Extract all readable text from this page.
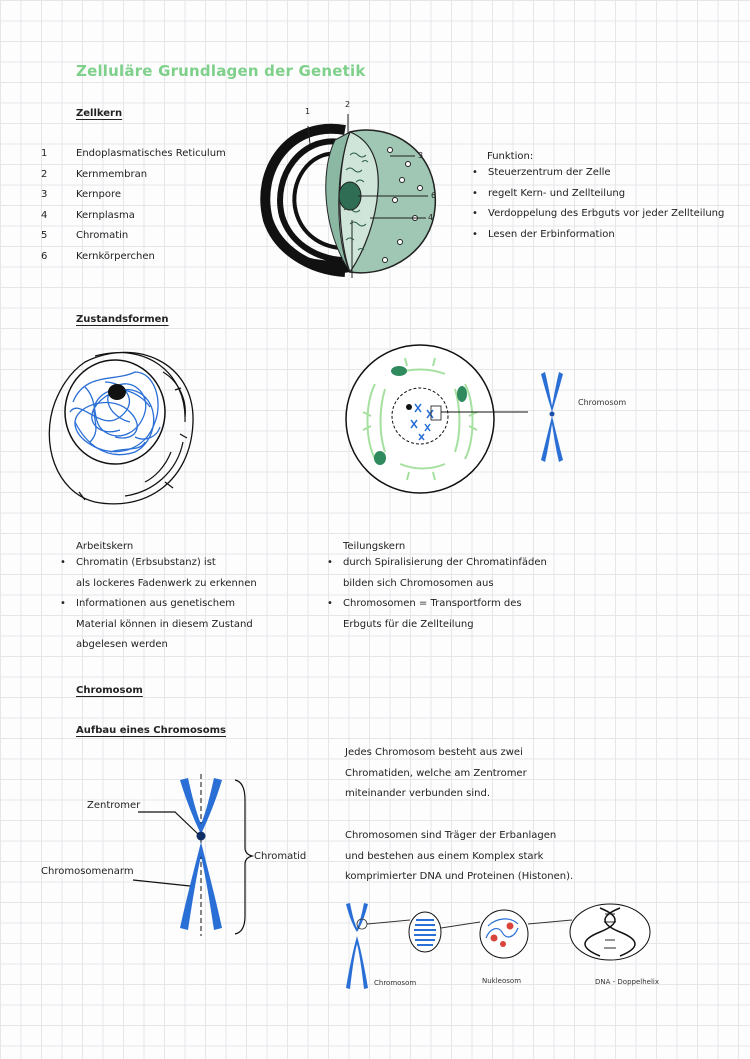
Zelluläre Grundlagen der Genetik
Zellkern
1	Endoplasmatisches Reticulum
2	Kernmembran
3	Kernpore
4	Kernplasma
5	Chromatin
6	Kernkörperchen
1
2
3
6
4
Funktion:
• Steuerzentrum der Zelle
• regelt Kern- und Zellteilung
• Verdoppelung des Erbguts vor jeder Zellteilung
• Lesen der Erbinformation
Zustandsformen
Chromosom
Arbeitskern
• Chromatin (Erbsubstanz) ist
als lockeres Fadenwerk zu erkennen
• Informationen aus genetischem
Material können in diesem Zustand
abgelesen werden
Teilungskern
• durch Spiralisierung der Chromatinfäden
bilden sich Chromosomen aus
• Chromosomen = Transportform des
Erbguts für die Zellteilung
Chromosom
Aufbau eines Chromosoms
Zentromer
Chromosomenarm
Chromatid
Jedes Chromosom besteht aus zwei
Chromatiden, welche am Zentromer
miteinander verbunden sind.
Chromosomen sind Träger der Erbanlagen
und bestehen aus einem Komplex stark
komprimierter DNA und Proteinen (Histonen).
Chromosom	Nukleosom	DNA - Doppelhelix
